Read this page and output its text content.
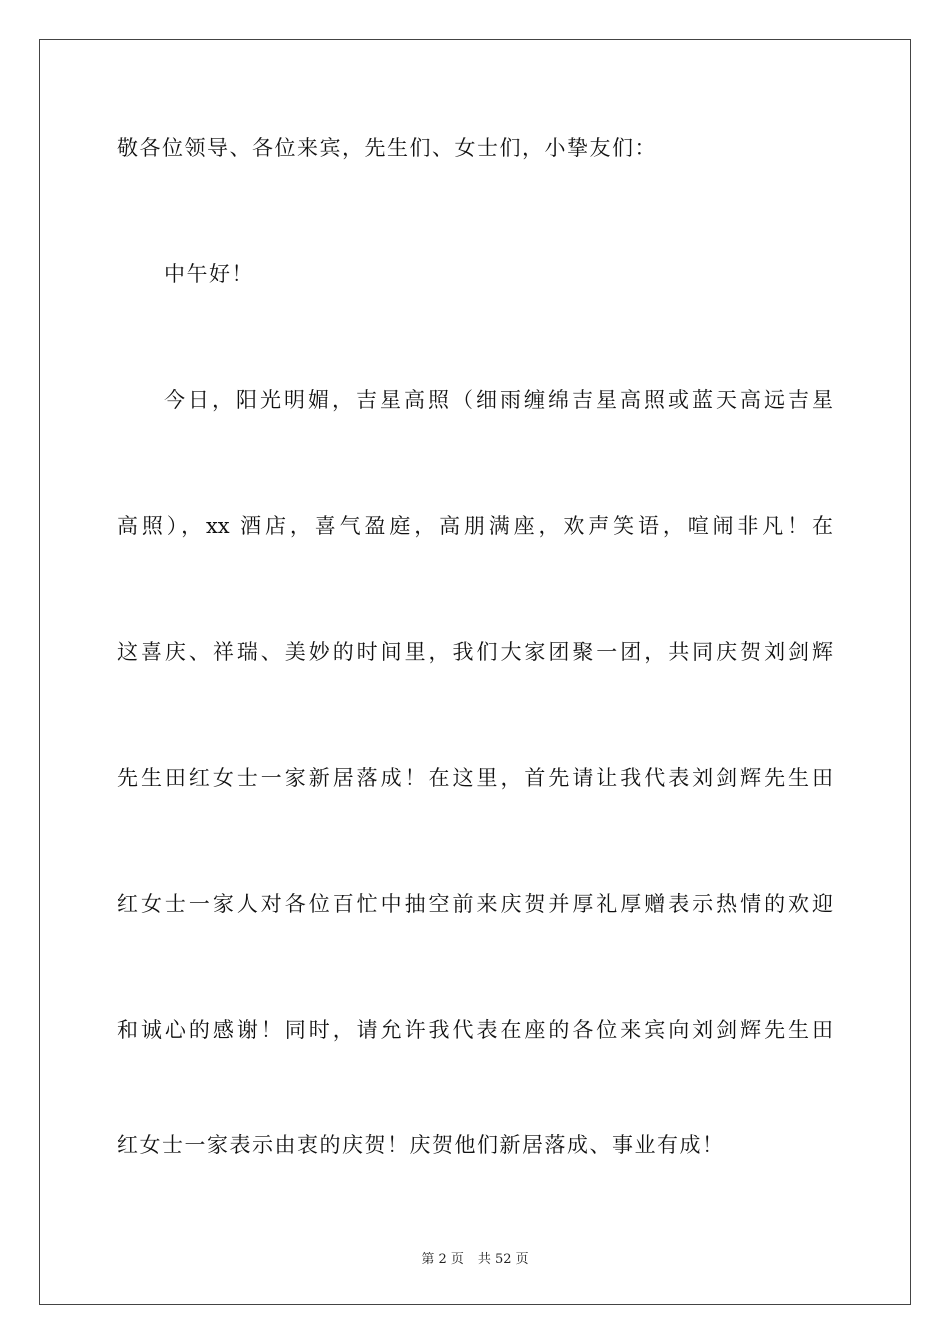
敬各位领导、各位来宾，先生们、女士们，小挚友们：
中午好！
今日，阳光明媚，吉星高照（细雨缠绵吉星高照或蓝天高远吉星
高照），xx 酒店，喜气盈庭，高朋满座，欢声笑语，喧闹非凡！在
这喜庆、祥瑞、美妙的时间里，我们大家团聚一团，共同庆贺刘剑辉
先生田红女士一家新居落成！在这里，首先请让我代表刘剑辉先生田
红女士一家人对各位百忙中抽空前来庆贺并厚礼厚赠表示热情的欢迎
和诚心的感谢！同时，请允许我代表在座的各位来宾向刘剑辉先生田
红女士一家表示由衷的庆贺！庆贺他们新居落成、事业有成！
第 2 页 共 52 页
